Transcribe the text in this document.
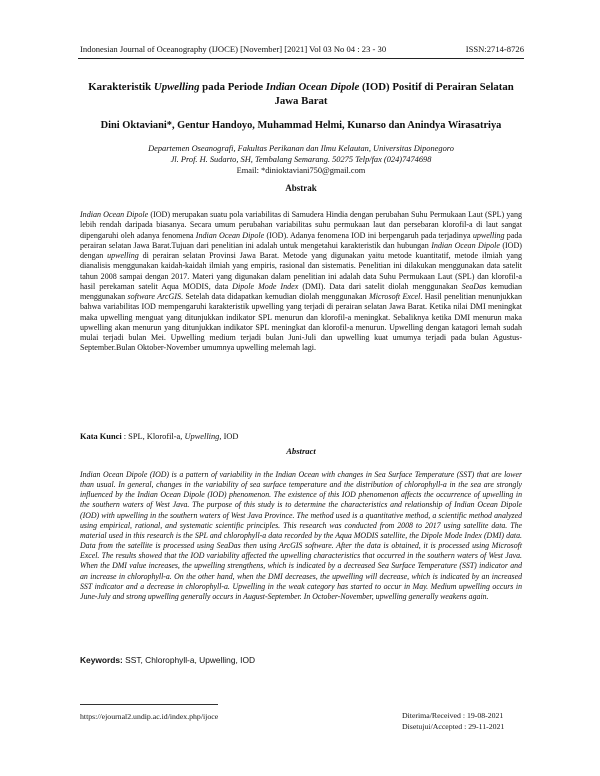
Indonesian Journal of Oceanography (IJOCE) [November] [2021] Vol 03 No 04 : 23 - 30	ISSN:2714-8726
Karakteristik Upwelling pada Periode Indian Ocean Dipole (IOD) Positif di Perairan Selatan Jawa Barat
Dini Oktaviani*, Gentur Handoyo, Muhammad Helmi, Kunarso dan Anindya Wirasatriya
Departemen Oseanografi, Fakultas Perikanan dan Ilmu Kelautan, Universitas Diponegoro
Jl. Prof. H. Sudarto, SH, Tembalang Semarang. 50275 Telp/fax (024)7474698
Email: *dinioktaviani750@gmail.com
Abstrak
Indian Ocean Dipole (IOD) merupakan suatu pola variabilitas di Samudera Hindia dengan perubahan Suhu Permukaan Laut (SPL) yang lebih rendah daripada biasanya. Secara umum perubahan variabilitas suhu permukaan laut dan persebaran klorofil-a di laut sangat dipengaruhi oleh adanya fenomena Indian Ocean Dipole (IOD). Adanya fenomena IOD ini berpengaruh pada terjadinya upwelling pada perairan selatan Jawa Barat.Tujuan dari penelitian ini adalah untuk mengetahui karakteristik dan hubungan Indian Ocean Dipole (IOD) dengan upwelling di perairan selatan Provinsi Jawa Barat. Metode yang digunakan yaitu metode kuantitatif, metode ilmiah yang dianalisis menggunakan kaidah-kaidah ilmiah yang empiris, rasional dan sistematis. Penelitian ini dilakukan menggunakan data satelit tahun 2008 sampai dengan 2017. Materi yang digunakan dalam penelitian ini adalah data Suhu Permukaan Laut (SPL) dan klorofil-a hasil perekaman satelit Aqua MODIS, data Dipole Mode Index (DMI). Data dari satelit diolah menggunakan SeaDas kemudian menggunakan software ArcGIS. Setelah data didapatkan kemudian diolah menggunakan Microsoft Excel. Hasil penelitian menunjukkan bahwa variabilitas IOD mempengaruhi karakteristik upwelling yang terjadi di perairan selatan Jawa Barat. Ketika nilai DMI meningkat maka upwelling menguat yang ditunjukkan indikator SPL menurun dan klorofil-a meningkat. Sebaliknya ketika DMI menurun maka upwelling akan menurun yang ditunjukkan indikator SPL meningkat dan klorofil-a menurun. Upwelling dengan katagori lemah sudah mulai terjadi bulan Mei. Upwelling medium terjadi bulan Juni-Juli dan upwelling kuat umumya terjadi pada bulan Agustus-September.Bulan Oktober-November umumnya upwelling melemah lagi.
Kata Kunci : SPL, Klorofil-a, Upwelling, IOD
Abstract
Indian Ocean Dipole (IOD) is a pattern of variability in the Indian Ocean with changes in Sea Surface Temperature (SST) that are lower than usual. In general, changes in the variability of sea surface temperature and the distribution of chlorophyll-a in the sea are strongly influenced by the Indian Ocean Dipole (IOD) phenomenon. The existence of this IOD phenomenon affects the occurrence of upwelling in the southern waters of West Java. The purpose of this study is to determine the characteristics and relationship of Indian Ocean Dipole (IOD) with upwelling in the southern waters of West Java Province. The method used is a quantitative method, a scientific method analyzed using empirical, rational, and systematic scientific principles. This research was conducted from 2008 to 2017 using satellite data. The material used in this research is the SPL and chlorophyll-a data recorded by the Aqua MODIS satellite, the Dipole Mode Index (DMI) data. Data from the satellite is processed using SeaDas then using ArcGIS software. After the data is obtained, it is processed using Microsoft Excel. The results showed that the IOD variability affected the upwelling characteristics that occurred in the southern waters of West Java. When the DMI value increases, the upwelling strengthens, which is indicated by a decreased Sea Surface Temperature (SST) indicator and an increase in chlorophyll-a. On the other hand, when the DMI decreases, the upwelling will decrease, which is indicated by an increased SST indicator and a decrease in chlorophyll-a. Upwelling in the weak category has started to occur in May. Medium upwelling occurs in June-July and strong upwelling generally occurs in August-September. In October-November, upwelling generally weakens again.
Keywords: SST, Chlorophyll-a, Upwelling, IOD
https://ejournal2.undip.ac.id/index.php/ijoce	Diterima/Received : 19-08-2021
Disetujui/Accepted : 29-11-2021
